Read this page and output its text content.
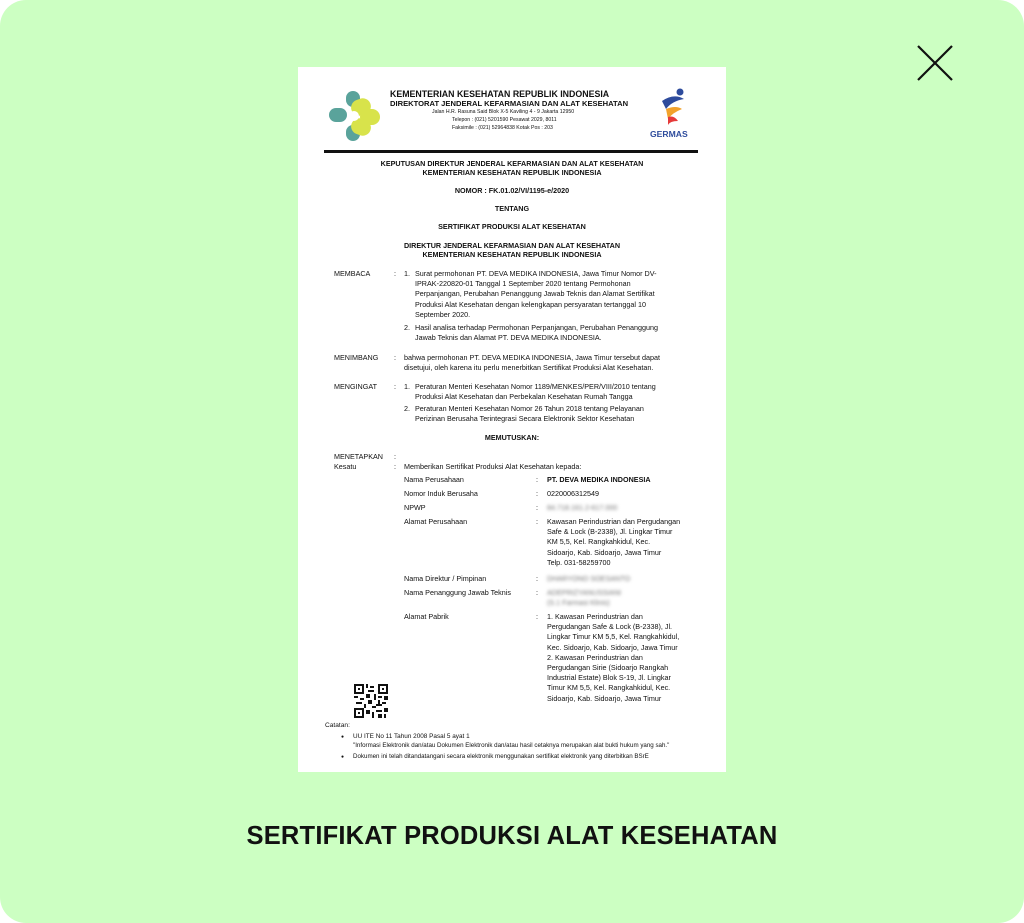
KEMENTERIAN KESEHATAN REPUBLIK INDONESIA
DIREKTORAT JENDERAL KEFARMASIAN DAN ALAT KESEHATAN
Jalan H.R. Rasuna Said Blok X-5 Kaviling 4 - 9 Jakarta 12950
Telepon : (021) 5201590 Pesawat 2029, 8011
Faksimile : (021) 52964838 Kotak Pos : 203
GERMAS
KEPUTUSAN DIREKTUR JENDERAL KEFARMASIAN DAN ALAT KESEHATAN
KEMENTERIAN KESEHATAN REPUBLIK INDONESIA
NOMOR : FK.01.02/VI/1195-e/2020
TENTANG
SERTIFIKAT PRODUKSI ALAT KESEHATAN
DIREKTUR JENDERAL KEFARMASIAN DAN ALAT KESEHATAN
KEMENTERIAN KESEHATAN REPUBLIK INDONESIA
MEMBACA	: 1. Surat permohonan PT. DEVA MEDIKA INDONESIA, Jawa Timur Nomor DV-
IPRAK-220820-01 Tanggal 1 September 2020 tentang Permohonan
Perpanjangan, Perubahan Penanggung Jawab Teknis dan Alamat Sertifikat
Produksi Alat Kesehatan dengan kelengkapan persyaratan tertanggal 10
September 2020.
2. Hasil analisa terhadap Permohonan Perpanjangan, Perubahan Penanggung
Jawab Teknis dan Alamat PT. DEVA MEDIKA INDONESIA.
MENIMBANG : bahwa permohonan PT. DEVA MEDIKA INDONESIA, Jawa Timur tersebut dapat
disetujui, oleh karena itu perlu menerbitkan Sertifikat Produksi Alat Kesehatan.
MENGINGAT : 1. Peraturan Menteri Kesehatan Nomor 1189/MENKES/PER/VIII/2010 tentang
Produksi Alat Kesehatan dan Perbekalan Kesehatan Rumah Tangga
2. Peraturan Menteri Kesehatan Nomor 26 Tahun 2018 tentang Pelayanan
Perizinan Berusaha Terintegrasi Secara Elektronik Sektor Kesehatan
MEMUTUSKAN:
MENETAPKAN :
Kesatu	: Memberikan Sertifikat Produksi Alat Kesehatan kepada:
Nama Perusahaan	: PT. DEVA MEDIKA INDONESIA
Nomor Induk Berusaha	: 0220006312549
NPWP	: 84.718.161.2-617.000
Alamat Perusahaan	: Kawasan Perindustrian dan Pergudangan
Safe & Lock (B-2338), Jl. Lingkar Timur
KM 5,5, Kel. Rangkahkidul, Kec.
Sidoarjo, Kab. Sidoarjo, Jawa Timur
Telp. 031-58259700
Nama Direktur / Pimpinan	: DHARYONO SOESANTO
Nama Penanggung Jawab Teknis	: ADEPRIZYANUSSIANI
(S.1 Farmasi Klinis)
Alamat Pabrik	: 1. Kawasan Perindustrian dan
Pergudangan Safe & Lock (B-2338), Jl.
Lingkar Timur KM 5,5, Kel. Rangkahkidul,
Kec. Sidoarjo, Kab. Sidoarjo, Jawa Timur
2. Kawasan Perindustrian dan
Pergudangan Sirie (Sidoarjo Rangkah
Industrial Estate) Blok S-19, Jl. Lingkar
Timur KM 5,5, Kel. Rangkahkidul, Kec.
Sidoarjo, Kab. Sidoarjo, Jawa Timur
Catatan:
● UU ITE No 11 Tahun 2008 Pasal 5 ayat 1
"Informasi Elektronik dan/atau Dokumen Elektronik dan/atau hasil cetaknya merupakan alat bukti hukum yang sah."
● Dokumen ini telah ditandatangani secara elektronik menggunakan sertifikat elektronik yang diterbitkan BSrE
SERTIFIKAT PRODUKSI ALAT KESEHATAN
